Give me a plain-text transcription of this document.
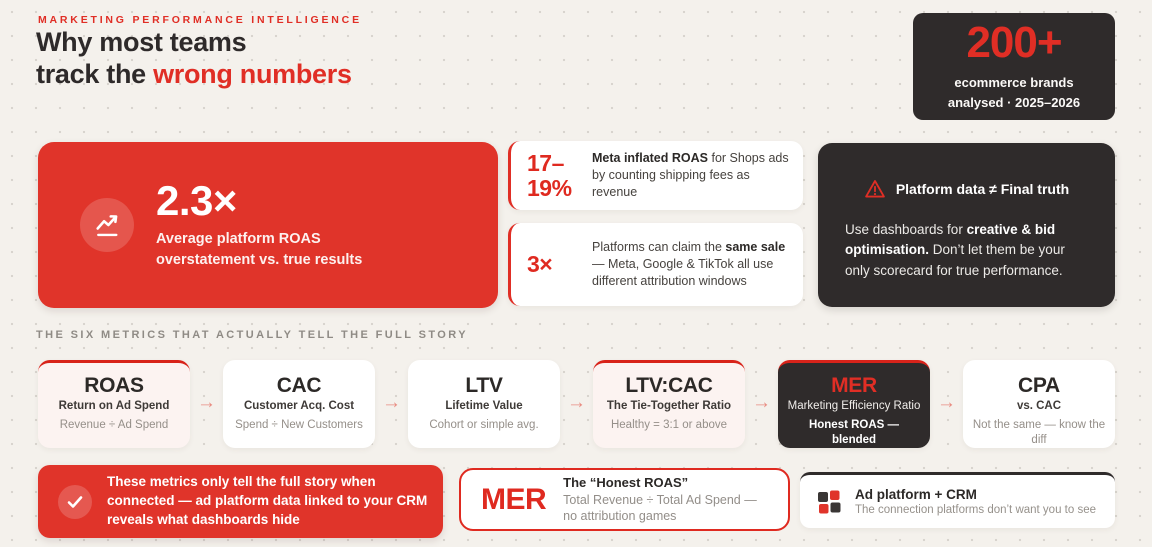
MARKETING PERFORMANCE INTELLIGENCE
Why most teams
track the wrong numbers
200+
ecommerce brands
analysed · 2025–2026
2.3×
Average platform ROAS
overstatement vs. true results
17–
19%
Meta inflated ROAS for Shops ads by counting shipping fees as revenue
3×
Platforms can claim the same sale — Meta, Google & TikTok all use different attribution windows
Platform data ≠ Final truth
Use dashboards for creative & bid optimisation. Don’t let them be your only scorecard for true performance.
THE SIX METRICS THAT ACTUALLY TELL THE FULL STORY
ROAS
Return on Ad Spend
Revenue ÷ Ad Spend
→
CAC
Customer Acq. Cost
Spend ÷ New Customers
→
LTV
Lifetime Value
Cohort or simple avg.
→
LTV:CAC
The Tie-Together Ratio
Healthy = 3:1 or above
→
MER
Marketing Efficiency Ratio
Honest ROAS — blended
→
CPA
vs. CAC
Not the same — know the diff
These metrics only tell the full story when connected — ad platform data linked to your CRM reveals what dashboards hide
MER
The “Honest ROAS”
Total Revenue ÷ Total Ad Spend — no attribution games
Ad platform + CRM
The connection platforms don’t want you to see
